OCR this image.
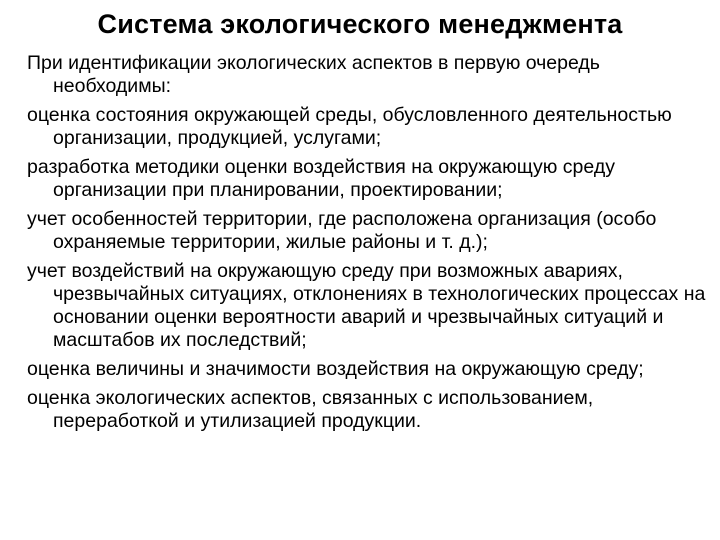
Система экологического менеджмента
При идентификации экологических аспектов в первую очередь необходимы:
оценка состояния окружающей среды, обусловленного деятельностью организации, продукцией, услугами;
разработка методики оценки воздействия на окружающую среду организации при планировании, проектировании;
учет особенностей территории, где расположена организация (особо охраняемые территории, жилые районы и т. д.);
учет воздействий на окружающую среду при возможных авариях, чрезвычайных ситуациях, отклонениях в технологических процессах на основании оценки вероятности аварий и чрезвычайных ситуаций и масштабов их последствий;
оценка величины и значимости воздействия на окружающую среду;
оценка экологических аспектов, связанных с использованием, переработкой и утилизацией продукции.
